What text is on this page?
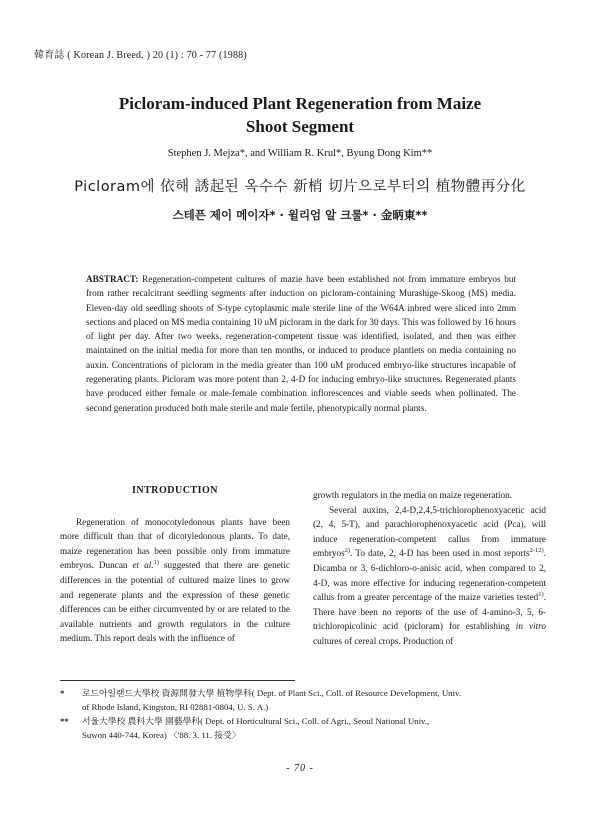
韓育誌 ( Korean J. Breed. ) 20 (1) : 70 - 77 (1988)
Picloram-induced Plant Regeneration from Maize
Shoot Segment
Stephen J. Mejza*, and William R. Krul*, Byung Dong Kim**
Picloram에 依해 誘起된 옥수수 新梢 切片으로부터의 植物體再分化
스테픈 제이 메이자* · 윌리엄 알 크룰* · 金昞東**
ABSTRACT: Regeneration-competent cultures of mazie have been established not from immature embryos but from rather recalcitrant seedling segments after induction on picloram-containing Murashige-Skoog (MS) media. Eleven-day old seedling shoots of S-type cytoplasmic male sterile line of the W64A inbred were sliced into 2mm sections and placed on MS media containing 10 uM picloram in the dark for 30 days. This was followed by 16 hours of light per day. After two weeks, regeneration-competent tissue was identified, isolated, and then was either maintained on the initial media for more than ten months, or induced to produce plantlets on media containing no auxin. Concentrations of picloram in the media greater than 100 uM produced embryo-like structures incapable of regenerating plants. Picloram was more potent than 2, 4-D for inducing embryo-like structures. Regenerated plants have produced either female or male-female combination inflorescences and viable seeds when pollinated. The second generation produced both male sterile and male fertile, phenotypically normal plants.
INTRODUCTION

Regeneration of monocotyledonous plants have been more difficult than that of dicotyledonous plants. To date, maize regeneration has been possible only from immature embryos. Duncan et al.$^{1)}$ suggested that there are genetic differences in the potential of cultured maize lines to grow and regenerate plants and the expression of these genetic differences can be either circumvented by or are related to the available nutrients and growth regulators in the culture medium. This report deals with the influence of

growth regulators in the media on maize regeneration.

Several auxins, 2,4-D,2,4,5-trichlorophenoxyacetic acid (2, 4, 5-T), and parachlorophenoxyacetic acid (Pca), will induce regeneration-competent callus from immature embryos$^{2)}$. To date, 2, 4-D has been used in most reports$^{2-12)}$. Dicamba or 3, 6-dichloro-o-anisic acid, when compared to 2, 4-D, was more effective for inducing regeneration-competent callus from a greater percentage of the maize varieties tested$^{1)}$. There have been no reports of the use of 4-amino-3, 5, 6-trichloropicolinic acid (picloram) for establishing in vitro cultures of cereal crops. Production of

*	로드아일랜드大學校 資源開發大學 植物學科( Dept. of Plant Sci., Coll. of Resource Development, Univ.
of Rhode Island, Kingston, RI 02881-0804, U. S. A.)
**	서울大學校 農科大學 園藝學科( Dept. of Horticultural Sci., Coll. of Agri., Seoul National Univ.,
Suwon 440-744, Korea) 〈'88. 3. 11. 接受〉
- 70 -
